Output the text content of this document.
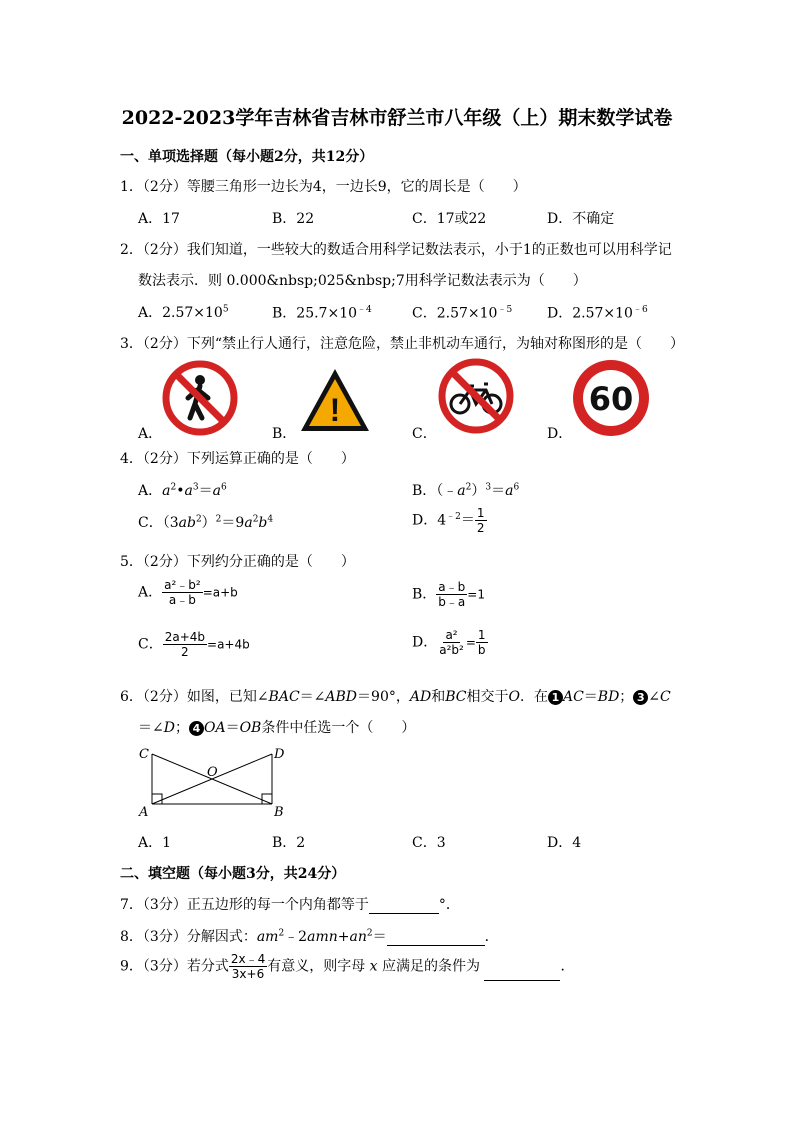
2022-2023学年吉林省吉林市舒兰市八年级（上）期末数学试卷
一、单项选择题（每小题2分，共12分）
1．（2分）等腰三角形一边长为4，一边长9，它的周长是（　　）
A．17	B．22	C．17或22	D．不确定
2．（2分）我们知道，一些较大的数适合用科学记数法表示，小于1的正数也可以用科学记
数法表示．则 0.000&nbsp;025&nbsp;7用科学记数法表示为（　　）
A．$2.57\times 10^5$	B．$25.7\times 10^{﹣4}$	C．$2.57\times 10^{﹣5}$ D．$2.57\times 10^{﹣6}$
3．（2分）下列“禁止行人通行，注意危险，禁止非机动车通行，为轴对称图形的是（　　）
A．	B．
!
C．	D．
60
4．（2分）下列运算正确的是（　　）
A．$a^2•a^3=a^6$	B．$(﹣a^2)^3=a^6$
C．$(3ab^2)^2=9a^2b^4$	D．$4^{﹣2}= \frac{1}{2}$
5．（2分）下列约分正确的是（　　）
A． $\frac{\text{a²﹣b²}}{a﹣b} =a+b$	B． $\frac{a﹣b}{b﹣a} =1$
C． $\frac{2a+4b}{2} =a+4b$	D． $\frac{\text{a²}}{\text{a²b²}} = \frac{1}{b}$
6．（2分）如图，已知∠BAC＝∠ABD＝90°，AD和BC相交于O．在 1 AC＝BD； 3 ∠C
＝∠D； 4 OA＝OB条件中任选一个（　　）
C	D
O
A	B
A．1	B．2	C．3	D．4
二、填空题（每小题3分，共24分）
7．（3分）正五边形的每一个内角都等于	°．
8．（3分）分解因式：$am^2﹣2amn+an^2=$	．
9．（3分）若分式 $\frac{2x﹣4}{3x+6}$ 有意义，则字母 x 应满足的条件为	．
